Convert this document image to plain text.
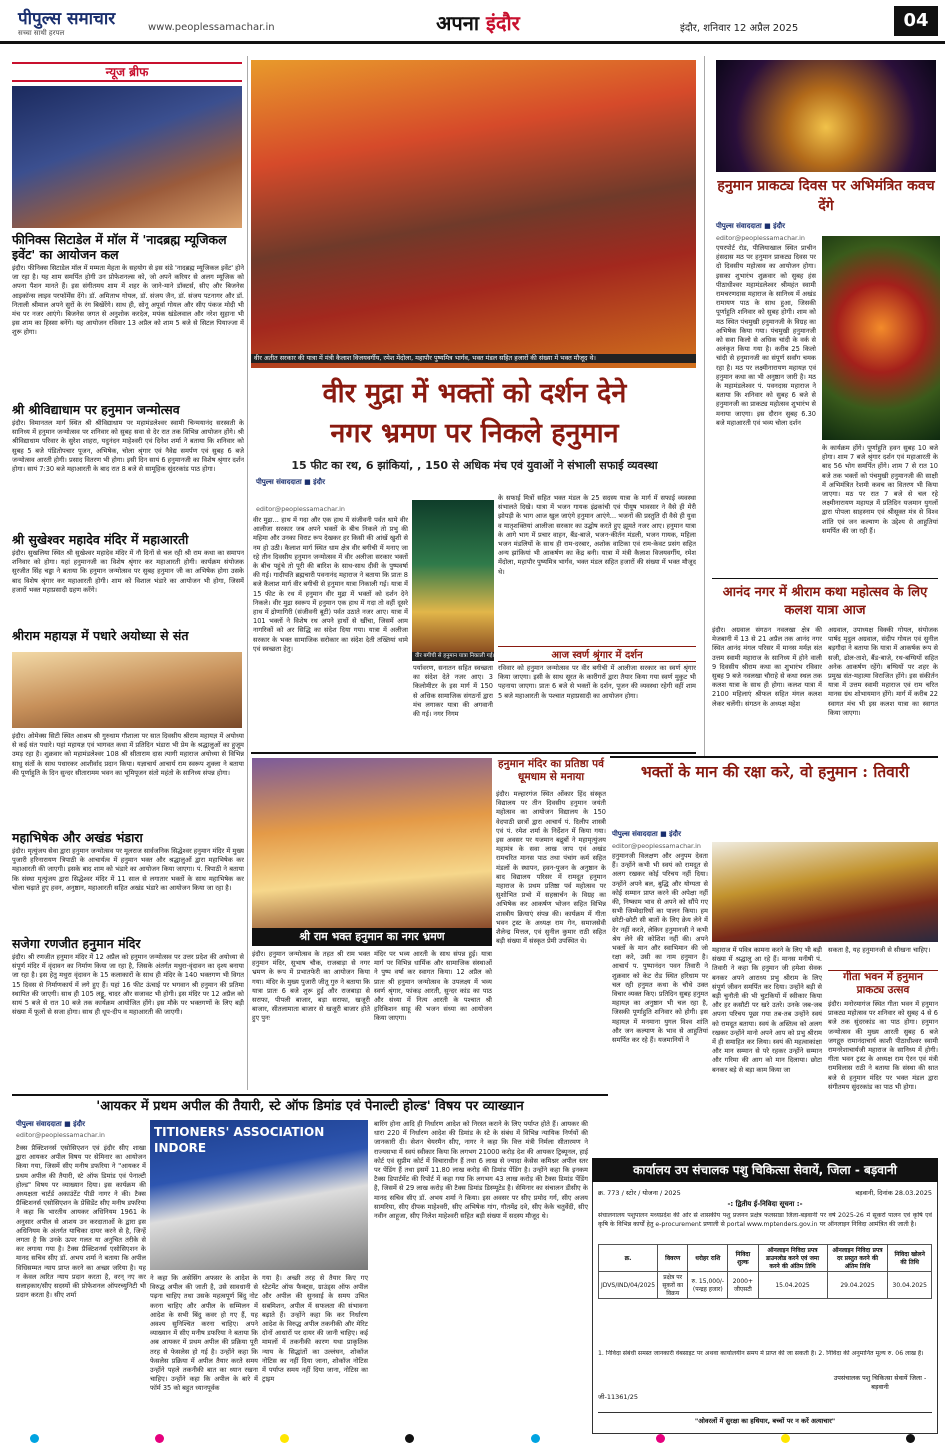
पीपुल्स समाचार
सच्चा साथी हरपल	www.peoplessamachar.in	अपना इंदौर	इंदौर, शनिवार 12 अप्रैल 2025	04
न्यूज ब्रीफ
फीनिक्स सिटाडेल में मॉल में 'नादब्रह्म म्यूजिकल इवेंट' का आयोजन कल
इंदौर। फीनिक्स सिटाडेल मॉल में मम्मता मेहता के सहयोग से इस संडे 'नादब्रह्म म्यूजिकल इवेंट' होने जा रहा है। यह शाम समर्पित होगी उन प्रोफेशनल्स को, जो अपने करियर से अलग म्यूजिक को अपना पैशन मानते हैं। इस संगीतमय शाम में शहर के जाने-माने डॉक्टर्स, सीए और बिजनेस आइकॉन्स लाइव परफॉर्मेंस देंगे। डॉ. अमिताभ गोयल, डॉ. संजय जैन, डॉ. संजय पटनागर और डॉ. निताली श्रीमाल अपने सुरों के रंग बिखेरेंगे। साथ ही, सोनू अपूर्वा गोयल और सीए पंकज मोदी भी मंच पर नजर आएंगे। बिजनेस जगत से अनुशोक करदेल, मयंक खंडेलवाल और नरेश सुहाना भी इस शाम का हिस्सा बनेंगे। यह आयोजन रविवार 13 अप्रैल को शाम 5 बजे से सिटल पियाज्जा में शुरू होगा।
श्री श्रीविद्याधाम पर हनुमान जन्मोत्सव
इंदौर। विमानतल मार्ग स्थित श्री श्रीविद्याधाम पर महामंडलेश्वर स्वामी चिन्मयानंद सरस्वती के सानिध्य में हनुमान जन्मोत्सव पर शनिवार को सुबह सवा से देर रात तक विभिन्न आयोजन होंगे। श्री श्रीविद्याधाम परिवार के सुरेश शाहरा, यदुनंदन माहेश्वरी एवं दिनेश शर्मा ने बताया कि शनिवार को सुबह 5 बजे पंडितोपचार पूजन, अभिषेक, चोला श्रृंगार एवं नैवेद्य समर्पण एवं सुबह 6 बजे जन्मोत्सव आरती होगी। प्रसाद वितरण भी होगा। इसी दिन सायं 6 हनुमानजी का विशेष श्रृंगार दर्शन होगा। सायं 7:30 बजे महाआरती के बाद रात 8 बजे से सामूहिक सुंदरकांड पाठ होगा।
श्री सुखेश्वर महादेव मंदिर में महाआरती
इंदौर। सुखलिया स्थित श्री सुखेश्वर महादेव मंदिर में नौ दिनों से चल रही श्री राम कथा का समापन शनिवार को होगा। यहां हनुमानजी का विशेष श्रृंगार कर महाआरती होगी। कार्यक्रम संयोजक सुरजीत सिंह चड्ढा ने बताया कि हनुमान जन्मोत्सव पर सुबह हनुमान जी का अभिषेक होगा उसके बाद विशेष श्रृंगार कर महाआरती होगी। शाम को विशाल भंडारे का आयोजन भी होगा, जिसमें हजारों भक्त महाप्रसादी ग्रहण करेंगे।
श्रीराम महायज्ञ में पधारे अयोध्या से संत
इंदौर। ओमेक्स सिटी स्थित आश्रम श्री गुरुधाम गौशाला पर सात दिवसीय श्रीराम महायज्ञ में अयोध्या से कई संत पधारे। यहां महायज्ञ एवं भागवत कथा में प्रतिदिन भंडारा भी प्रेम के श्रद्धालुओं का हुजूम उमड़ रहा है। शुक्रवार को महामंडलेश्वर 108 श्री सीताराम दास त्यागी महाराज अयोध्या से विभिन्न साधु संतों के साथ पधारकर आशीर्वाद प्रदान किया। यज्ञाचार्य आचार्य राम स्वरूप शुक्ला ने बताया की पूर्णाहुति के दिन सुन्दर सीतारामम भवन का भूमिपूजन संतो महंतो के सानिध्य संपन्न होगा।
महाभिषेक और अखंड भंडारा
इंदौर। मृत्युंजय सेवा द्वारा हनुमान जन्मोत्सव पर मूलराज सार्वजनिक सिद्धेश्वर हनुमान मंदिर में मुख्य पुजारी हरिनारायण त्रिपाठी के आचार्यत्व में हनुमान भक्त और श्रद्धालुओं द्वारा महाभिषेक कर महाआरती की जाएगी। इसके बाद शाम को भंडारे का आयोजन किया जाएगा। पं. त्रिपाठी ने बताया कि संस्था मृत्युंजय द्वारा सिद्धेश्वर मंदिर में 11 साल से लगातार भक्तों के साथ महाभिषेक कर चोला चढ़ाते हुए हवन, अनुष्ठान, महाआरती सहित अखंड भंडारे का आयोजन किया जा रहा है।
सजेगा रणजीत हनुमान मंदिर
इंदौर। श्री रणजीत हनुमान मंदिर में 12 अप्रैल को हनुमान जन्मोत्सव पर उत्तर प्रदेश की अयोध्या से संपूर्ण मंदिर में वृंदावन का निर्माण किया जा रहा है, जिसके अंतर्गत मथुरा-वृंदावन का दृश्य बनाया जा रहा है। इस हेतु मथुरा वृंदावन के 15 कलाकारों के साथ ही मंदिर के 140 भक्तगण भी विगत 15 दिवस से निर्माणकार्य में लगे हुए हैं। यहां 16 फीट ऊंचाई पर भगवान श्री हनुमान की प्रतिमा स्थापित की जाएगी। साथ ही 105 लड्डू, चादर और सजावट भी होगी। इस मंदिर पर 12 अप्रैल को सायं 5 बजे से रात 10 बजे तक कार्यक्रम आयोजित होंगे। इस मौके पर भक्तगणों के लिए बड़ी संख्या में फूलों से सजा होगा। साथ ही धूप-दीप व महाआरती की जाएगी।
वीर अतीत सरकार की यात्रा में मंत्री कैलाश विजयवर्गीय, रमेश मेंदोला, महापौर पुष्यमित्र भार्गव, भक्त मंडल सहित हजारों की संख्या में भक्त मौजूद थे।
वीर मुद्रा में भक्तों को दर्शन देने
नगर भ्रमण पर निकले हनुमान
15 फीट का रथ, 6 झांकियां, , 150 से अधिक मंच एवं युवाओं ने संभाली सफाई व्यवस्था
पीपुल्स संवाददाता ■ इंदौर
editor@peoplessamachar.in
वीर मुद्रा... हाथ में गदा और एक हाथ में संजीवनी पर्वत थामे वीर आलीजा सरकार जब अपने भक्तों के बीच निकले तो प्रभु की महिमा और उनका विराट रूप देखकर हर किसी की आंखें खुशी से नम हो उठी। कैलाश मार्ग स्थित धाम क्षेत्र वीर बगीची में मनाए जा रहे तीन दिवसीय हनुमान जन्मोत्सव में वीर अलीजा सरकार भक्तों के बीच पहुंचे तो पूरी की बारिश के साथ-साथ दीवी के पुष्पवर्षा की गई। गादीपति ब्रह्मचारी पवनानंद महाराज ने बताया कि प्रातः 8 बजे कैलाश मार्ग वीर बगीची से हनुमान यात्रा निकाली गई। यात्रा में 15 फीट के रथ में हनुमान वीर मुद्रा में भक्तों को दर्शन देने निकले। वीर मुद्रा स्वरूप में हनुमान एक हाथ में गदा तो वहीं दूसरे हाथ में द्रोणागिरी (संजीवनी बूटी) पर्वत उठाते नजर आए। यात्रा में 101 भक्तों ने विशेष रथ अपने हाथों से खींचा, जिसमें आम नागरिकों को अर सिद्धि का संदेश दिया गया। यात्रा में अलीजा सरकार के भक्त सामाजिक सरोकार का संदेश देती तख्तियां थामे एवं स्वच्छता हेतु।
वीर बगीची से हनुमान यात्रा निकाली गई।
पर्यावरण, सनातन सहित स्वच्छता का संदेश देते नजर आए। 3 किलोमीटर के इस मार्ग में 150 से अधिक सामाजिक संगठनों द्वारा मंच लगाकर यात्रा की अगवानी की गई। नगर निगम
के सफाई मित्रों सहित भक्त मंडल के 25 सदस्य यात्रा के मार्ग में सफाई व्यवस्था संभालते दिखे। यात्रा में भजन गायक इंद्रकांची एवं पीयूष भावसार ने वैसे ही मेरी झोपड़ी के भाग आज खुल जाएंगे हनुमान आएंगे... भजनों की प्रस्तुति दी वैसे ही युवा व मातृशक्तियां आलीजा सरकार का उद्घोष करते हुए झूमते नजर आए। हनुमान यात्रा के आगे भाग में प्रचार वाहन, बैंड-बाजे, भजन-कीर्तन मंडली, भजन गायक, महिला भजन मंडलियों के साथ ही राम-दरबार, अशोक वाटिका एवं राम-केवट प्रसंग सहित अन्य झांकियां भी आकर्षण का केंद्र बनी। यात्रा में मंत्री कैलाश विजयवर्गीय, रमेश मेंदोला, महापौर पुष्यमित्र भार्गव, भक्त मंडल सहित हजारों की संख्या में भक्त मौजूद थे।
आज स्वर्ण श्रृंगार में दर्शन
रविवार को हनुमान जन्मोत्सव पर वीर बगीची में आलीजा सरकार का स्वर्ण श्रृंगार किया जाएगा। इसी के साथ सूरत के कारीगरों द्वारा तैयार किया गया स्वर्ण मुकुट भी पहनाया जाएगा। प्रातः 6 बजे से भक्तों के दर्शन, पूजन की व्यवस्था रहेगी वहीं शाम 5 बजे महाआरती के पश्चात महाप्रसादी का आयोजन होगा।
श्री राम भक्त हनुमान का नगर भ्रमण
इंदौर। हनुमान जन्मोत्सव के तहत श्री राम भक्त हनुमान मंदिर, सुभाष चौक, राजबाड़ा से नगर भ्रमण के रूप में प्रभातफेरी का आयोजन किया गया। मंदिर के मुख्य पुजारी जीतू गुरु ने बताया कि यात्रा प्रातः 6 बजे शुरू हुई और राजबाड़ा से सराफा, पीपली बाजार, बड़ा सराफा, खजूरी बाजार, सीतलामाता बाजार से खजूरी बाजार होते हुए पुनः
मंदिर पर भव्य आरती के साथ संपन्न हुई। यात्रा मार्ग पर विभिन्न धार्मिक और सामाजिक संस्थाओं ने पुष्प वर्षा कर स्वागत किया। 12 अप्रैल को प्रातः श्री हनुमान जन्मोत्सव के उपलक्ष्य में भव्य स्वर्ण श्रृंगार, फांकड़ आरती, सुन्दर कांड का पाठ और संध्या में नित्य आरती के पश्चात श्री हरिकिशन साहू की भजन संध्या का आयोजन किया जाएगा।
हनुमान मंदिर का प्रतिष्ठा पर्व धूमधाम से मनाया
इंदौर। मल्हारगंज स्थित ओंकार हिंद संस्कृत विद्यालय पर तीन दिवसीय हनुमान जयंती महोत्सव का आयोजन विद्यालय के 150 वेदपाठी छात्रों द्वारा आचार्य पं. दिलीप शास्त्री एवं पं. रमेश शर्मा के निर्देशन में किया गया। इस अवसर पर यजमान बद्रुबों ने महामृत्युंजय महामंत्र के सवा लाख जाप एवं अखंड रामचरित मानस पाठ तथा पंचांग कर्म सहित मंडलों के स्थापन, हवन-पूजन के अनुष्ठान के बाद विद्यालय परिसर में रामदूत हनुमान महाराज के प्रथम प्रतिष्ठा पर्व महोत्सव पर सुशोभित प्रभो में सहस्रार्चन के विग्रह का अभिषेक कर आकर्षण भोजन सहित विभिन्न शास्त्रीय क्रियाएं संपन्न की। कार्यक्रम में गीता भवन ट्रस्ट के अध्यक्ष राम गेन, समाजसेवी शैलेन्द्र मित्तल, एवं सुनील कुमार राठी सहित बड़ी संख्या में संस्कृत प्रेमी उपस्थित थे।
हनुमान प्राकट्य दिवस पर अभिमंत्रित कवच देंगे
पीपुल्स संवाददाता ■ इंदौर
editor@peoplessamachar.in
एयरपोर्ट रोड, पीलियाखाल स्थित प्राचीन हंसदास मठ पर हनुमान प्राकट्य दिवस पर दो दिवसीय महोत्सव का आयोजन होगा। इसका शुभारंभ शुक्रवार को सुबह हंस पीठाधीश्वर महामंडलेश्वर श्रीमहंत स्वामी रामचरणदास महाराज के सानिध्य में अखंड रामायण पाठ के साथ हुआ, जिसकी पूर्णाहुति शनिवार को सुबह होगी। शाम को मठ स्थित पंचमुखी हनुमानजी के विग्रह का अभिषेक किया गया। पंचमुखी हनुमानजी को सवा किलो से अधिक चांदी के वर्क से अलंकृत किया गया है। करीब 25 किलो चांदी से हनुमानजी का संपूर्ण सर्वांग चमक रहा है। मठ पर लक्ष्मीनारायण महायज्ञ एवं हनुमान कथा का भी अनुष्ठान जारी है। मठ के महामंडलेश्वर पं. पवनदास महाराज ने बताया कि शनिवार को सुबह 6 बजे से हनुमानजी का प्राकट्य महोत्सव शुभारंभ से मनाया जाएगा। इस दौरान सुबह 6.30 बजे महाआरती एवं भव्य चोला दर्शन
के कार्यक्रम होंगे। पूर्णाहुति हवन सुबह 10 बजे होगा। शाम 7 बजे श्रृंगार दर्शन एवं महाआरती के बाद 56 भोग समर्पित होंगे। शाम 7 से रात 10 बजे तक भक्तों को पंचमुखी हनुमानजी की साक्षी में अभिमंत्रित रेशमी कवच का वितरण भी किया जाएगा। मठ पर रात 7 बजे से चल रहे लक्ष्मीनारायण महायज्ञ में प्रतिदिन यजमान युगलों द्वारा पोपला साहस्नाम एवं श्रीसूक्त मंत्र से विश्व शांति एवं जन कल्याण के उद्देश्य से आहुतियां समर्पित की जा रही हैं।
आनंद नगर में श्रीराम कथा महोत्सव के लिए कलश यात्रा आज
इंदौर। अग्रवाल संगठन नवलखा क्षेत्र की मेजबानी में 13 से 21 अप्रैल तक आनंद नगर स्थित आनंद मंगल परिसर में मानस मर्मज्ञ संत उत्तम स्वामी महाराज के सानिध्य में होने वाली 9 दिवसीय श्रीराम कथा का शुभारंभ रविवार सुबह 9 बजे नवलखा चौराहे से कथा स्थल तक कलश यात्रा के साथ ही होगा। कलश यात्रा में 2100 महिलाएं श्रीफल सहित मंगल कलश लेकर चलेंगी। संगठन के अध्यक्ष महेश
अग्रवाल, उपाध्यक्ष विक्की गोयल, संयोजक पार्षद मृदुल अग्रवाल, संदीप गोयल एवं सुनील बड़गौदा ने बताया कि यात्रा में आकर्षक रूप से सजी, ढोल-ताशे, बैंड-बाजे, रथ-बग्घियों सहित अनेक आकर्षण रहेंगे। बग्घियों पर शहर के प्रमुख संत-महात्मा विराजित होंगे। इस संकीर्तन यात्रा में उत्तम स्वामी महाराज एवं राम चरित मानस ग्रंथ शोभायमान होंगे। मार्ग में करीब 22 स्वागत मंच भी इस कलश यात्रा का स्वागत किया जाएगा।
भक्तों के मान की रक्षा करे, वो हनुमान : तिवारी
पीपुल्स संवाददाता ■ इंदौर
editor@peoplessamachar.in
हनुमानजी विलक्षण और अनुपम देवता हैं। उन्होंने कभी भी स्वयं को रामदूत से अलग रखकर कोई परिचय नहीं दिया। उन्होंने अपने बल, बुद्धि और योग्यता से कोई सम्मान प्राप्त करने की अपेक्षा नहीं की, निष्काम भाव से अपने को सौंपे गए सभी जिम्मेदारियों का पालन किया। हम छोटी-छोटी सी बातों के लिए क्रेय लेने में देर नहीं करते, लेकिन हनुमानजी ने कभी श्रेय लेने की कोशिश नहीं की। अपने भक्तों के मान और स्वाभिमान की जो रक्षा करे, उसी का नाम हनुमान है। आचार्य प. पुष्पानंदन पवन तिवारी ने शुक्रवार को केट रोड स्थित हरिधाम पर चल रही हनुमत कथा के चौथे उक्त विचार व्यक्त किए। प्रतिदिन सुबह हनुमत महायज्ञ का अनुष्ठान भी चल रहा है, जिसकी पूर्णाहुति शनिवार को होगी। इस महायज्ञ में मनमाना युगल विश्व शांति और जन कल्याण के भाव से आहुतियां समर्पित कर रहे हैं। यजमानियों ने
महाराज में पवित्र कामना करने के लिए भी बड़ी संख्या में श्रद्धालु आ रहे हैं। मानस मनीषी पं. तिवारी ने कहा कि हनुमान जी हमेशा सेवक बनकर अपने आराध्य प्रभु श्रीराम के लिए संपूर्ण जीवन समर्पित कर दिया। उन्होंने बड़ी से बड़ी चुनौती की भी चुटकियों में स्वीकार किया और हर कसौटी पर खरे उतरे। उनके जब-जब अपना परिचय पूछा गया तब-तब उन्होंने स्वयं को रामदूत बताया। स्वयं के अस्तित्व को अलग रखकर उन्होंने मानो अपने आप को प्रभु श्रीराम में ही समाहित कर लिया। स्वयं की महत्वाकांक्षा और मान सम्मान से परे रहकर उन्होंने सम्मान और गरिमा की आग को मान दिलाया। छोटा बनकर बड़े से बड़ा काम किया जा
सकता है, यह हनुमानजी से सीखना चाहिए।
गीता भवन में हनुमान प्राकट्य उत्सव
इंदौर। मनोरमागंज स्थित गीता भवन में हनुमान प्राकट्य महोत्सव पर शनिवार को सुबह 4 से 6 बजे तक सुंदरकांड का पाठ होगा। हनुमान जन्मोत्सव की मुख्य आरती सुबह 6 बजे जगद्गुरु रामानंदाचार्य काशी पीठाधीश्वर स्वामी रामनरेशाचार्यजी महाराज के सानिध्य में होगी। गीता भवन ट्रस्ट के अध्यक्ष राम ऐरन एवं मंत्री रामविलास राठी ने बताया कि संस्था की सात बजे से हनुमान मंदिर पर भक्त मंडल द्वारा संगीतमय सुंदरकांड का पाठ भी होगा।
'आयकर में प्रथम अपील की तैयारी, स्टे ऑफ डिमांड एवं पेनाल्टी होल्ड' विषय पर व्याख्यान
पीपुल्स संवाददाता ■ इंदौर
editor@peoplessamachar.in	TITIONERS' ASSOCIATION INDORE
टैक्स प्रैक्टिशनर्स एसोसिएशन एवं इंदौर सीए शाखा द्वारा आयकर अपील विषय पर सेमिनार का आयोजन किया गया, जिसमें सीए मनीष डफरिया ने "आयकर में प्रथम अपील की तैयारी, स्टे ऑफ डिमांड एवं पेनाल्टी होल्ड" विषय पर व्याख्यान दिया। इस कार्यक्रम की अध्यक्षता चार्टर्ड अकाउंटेंट पीडी नागर ने की। टैक्स प्रैक्टिशनर्स एसोसिएशन के प्रेसिडेंट सीए मनीष डफरिया ने कहा कि भारतीय आयकर अधिनियम 1961 के अनुसार अपील से आशय उन करदाताओं के द्वारा इस अधिनियम के अंतर्गत याचिका दायर करने से है, जिन्हें लगता है कि उनके ऊपर गलत या अनुचित तरीके से कर लगाया गया है। टैक्स प्रैक्टिशनर्स एसोसिएशन के मानद सचिव सीए डॉ. अभय शर्मा ने बताया कि अपील विधिसम्मत न्याय प्राप्त करने का अच्छा जरिया है। यह न केवल त्वरित न्याय प्रदान करता है, वरन् नए कर सलाहकार/सीए सदस्यों की प्रोफेशनल ऑपरच्युनिटी भी प्रदान करता है। सीए शर्मा
ने कहा कि असेसिंग अफसर के आदेश के विरुद्ध अपील की जाती है, उसे सावधानी से पढ़ना चाहिए तथा उसके महत्वपूर्ण बिंदु नोट करना चाहिए और अपील के सम्मिलन में आदेश के सभी बिंदु कवर हो गए हैं, यह अवश्य सुनिश्चित करना चाहिए। अपने व्याख्यान में सीए मनीष डफरिया ने बताया कि अब आयकर में प्रथम अपील की प्रक्रिया पूरी तरह से फेसलेस हो गई है। उन्होंने कहा कि फेसलेस प्रक्रिया में अपील तैयार करते समय उन्होंने पहले तकनीकी बात का ध्यान रखना चाहिए। उन्होंने कहा कि अपील के बारे में फॉर्म 35 को बहुत ध्यानपूर्वक
गया है। अच्छी तरह से तैयार किए गए स्टेटमेंट ऑफ फैक्ट्स, ग्राउंड्स ऑफ अपील और अपील की सुनवाई के समय उचित सबमिशन, अपील में सफलता की संभावना बढ़ाते हैं। उन्होंने कहा कि कर निर्धारण आदेश के विरुद्ध अपील तकनीकी और मेरिट दोनों आधारों पर दायर की जानी चाहिए। कई मामलों में तकनीकी कारण यथा प्राकृतिक न्याय के सिद्धांतों का उल्लंघन, शोकॉज नोटिस का नहीं दिया जाना, शोकॉज नोटिस में पर्याप्त समय नहीं दिया जाना, नोटिस का ट्राइम
बारिंग होना आदि ही निर्धारण आदेश को निरस्त कराने के लिए पर्याप्त होते हैं। आयकर की धारा 220 में निर्धारण आदेश की डिमांड के स्टे के संबंध में विभिन्न न्यायिक निर्णयों की जानकारी दी। सेशन चेयरमैन सीए, नागर ने कहा कि वित्त मंत्री निर्मला सीतारमण ने राज्यसभा में स्वयं स्वीकार किया कि लगभग 21000 करोड़ देश की आयकर ट्रिब्यूनल, हाई कोर्ट एवं सुप्रीम कोर्ट में विचाराधीन हैं तथा 6 लाख से ज्यादा केसेस कमिश्नर अपील स्तर पर पेंडिंग हैं तथा इसमें 11.80 लाख करोड़ की डिमांड पेंडिंग है। उन्होंने कहा कि इनकम टैक्स डिपार्टमेंट की रिपोर्ट में कहा गया कि लगभग 43 लाख करोड़ की टैक्स डिमांड पेंडिंग है, जिसमें से 29 लाख करोड़ की टैक्स डिमांड डिस्प्यूटेड है। सेमिनार का संचालन डीसीए के मानद सचिव सीए डॉ. अभय शर्मा ने किया। इस अवसर पर सीए प्रमोद गर्ग, सीए अजय सामरिया, सीए दीपक माहेश्वरी, सीए अभिषेक गांग, गौतमेंद्र दवे, सीए केके चतुर्वेदी, सीए नवीन आहूजा, सीए निलेश माहेश्वरी सहित बड़ी संख्या में सदस्य मौजूद थे।
कार्यालय उप संचालक पशु चिकित्सा सेवायें, जिला - बड़वानी
क्र. 773 / स्टोर / योजना / 2025	बड़वानी, दिनांक 28.03.2025
-: द्वितीय ई-निविदा सूचना :-
संचालनालय पशुपालन मध्यप्रदेश की ओर से शासकीय पशु प्रजनन प्रक्षेत्र फलसाडा जिला-बड़वानी पर वर्ष 2025-26 में सूकरों पालन एवं कृषि एवं कृषि के विभिन्न कार्यों हेतु e-procurement प्रणाली से portal www.mptenders.gov.in पर ऑनलाइन निविदा आमंत्रित की जाती है।
क्र.	विवरण	धरोहर राशि	निविदा शुल्क	ऑनलाइन निविदा प्रपत्र डाउनलोड करने एवं जमा करने की अंतिम तिथि	ऑनलाइन निविदा प्रपत्र दर प्रस्तुत करने की अंतिम तिथि	निविदा खोलने की तिथि
JDVS/IND/04/2025	प्रक्षेत्र पर सुकरों का विक्रय	रु. 15,000/- (पन्द्रह हजार)	2000+ जीएसटी	15.04.2025	29.04.2025	30.04.2025
1. निविदा संबंधी समस्त जानकारी वेबसाइट पर अथवा कार्यालयीन समय में प्राप्त की जा सकती है। 2. निविदा की अनुमानित मूल्य रु. 06 लाख है।
उपसंचालक पशु चिकित्सा सेवायें जिला - बड़वानी
जी-11361/25
"ओवरलों में सुरक्षा का हथियार, बच्चों पर न करें अत्याचार"
